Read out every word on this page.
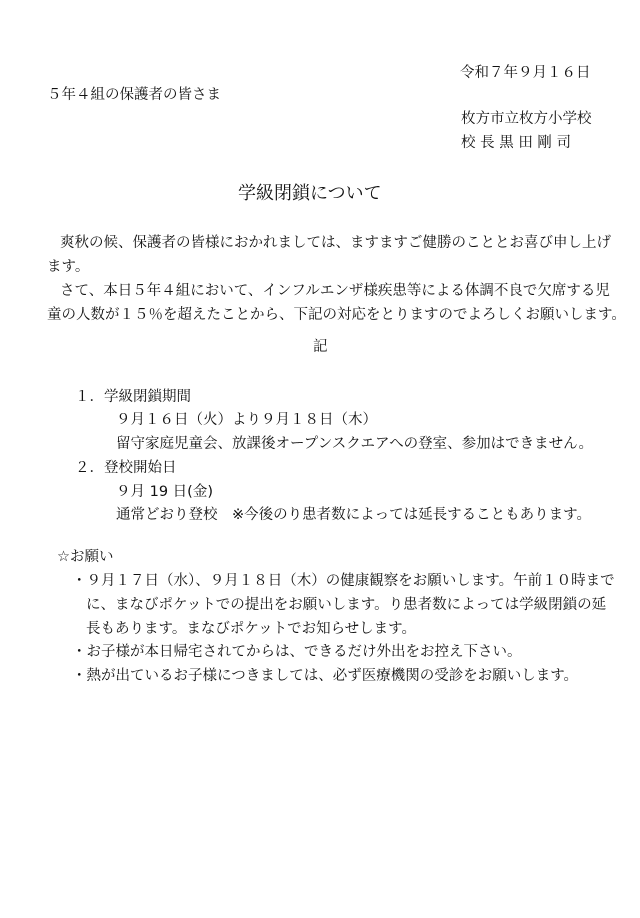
令和７年９月１６日
５年４組の保護者の皆さま
枚方市立枚方小学校
校 長 黒 田 剛 司
学級閉鎖について
爽秋の候、保護者の皆様におかれましては、ますますご健勝のこととお喜び申し上げ
ます。
さて、本日５年４組において、インフルエンザ様疾患等による体調不良で欠席する児
童の人数が１５％を超えたことから、下記の対応をとりますのでよろしくお願いします。
記
１．学級閉鎖期間
９月１６日（火）より９月１８日（木）
留守家庭児童会、放課後オープンスクエアへの登室、参加はできません。
２．登校開始日
９月 19 日(金)
通常どおり登校　※今後のり患者数によっては延長することもあります。
☆お願い
・９月１７日（水）、９月１８日（木）の健康観察をお願いします。午前１０時まで
に、まなびポケットでの提出をお願いします。り患者数によっては学級閉鎖の延
長もあります。まなびポケットでお知らせします。
・お子様が本日帰宅されてからは、できるだけ外出をお控え下さい。
・熱が出ているお子様につきましては、必ず医療機関の受診をお願いします。
